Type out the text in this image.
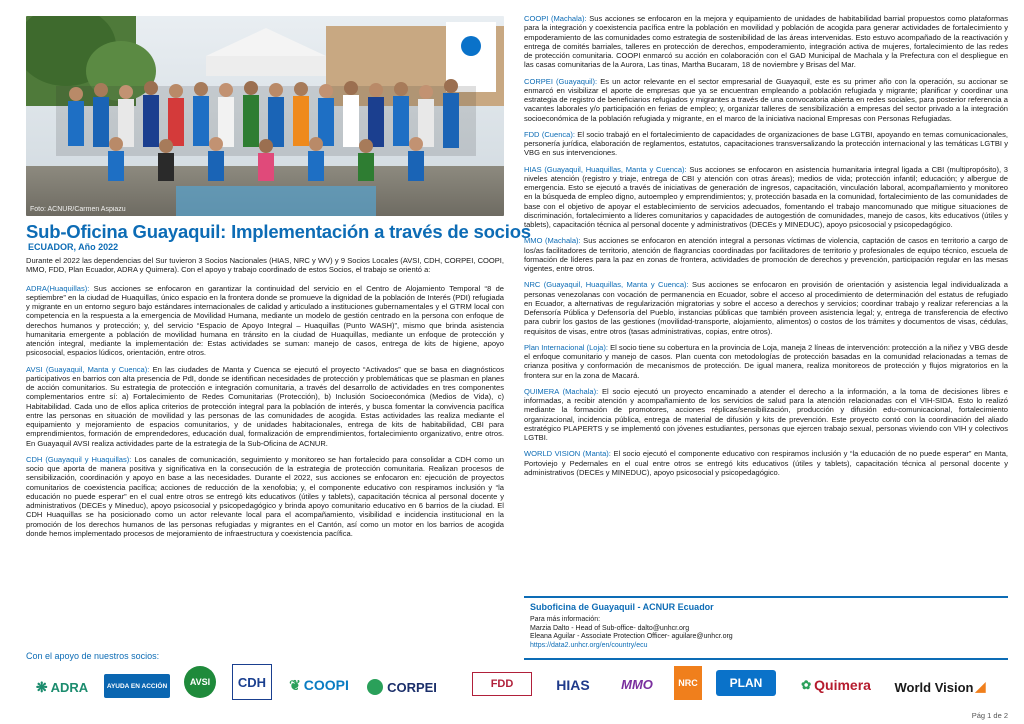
Foto: ACNUR/Carmen Aspiazu
Sub-Oficina Guayaquil: Implementación a través de socios
ECUADOR, Año 2022
Durante el 2022 las dependencias del Sur tuvieron 3 Socios Nacionales (HIAS, NRC y WV) y 9 Socios Locales (AVSI, CDH, CORPEI, COOPI, MMO, FDD, Plan Ecuador, ADRA y Quimera). Con el apoyo y trabajo coordinado de estos Socios, el trabajo se orientó a:
ADRA(Huaquillas): Sus acciones se enfocaron en garantizar la continuidad del servicio en el Centro de Alojamiento Temporal “8 de septiembre” en la ciudad de Huaquillas, único espacio en la frontera donde se promueve la dignidad de la población de Interés (PDI) refugiada y migrante en un entorno seguro bajo estándares internacionales de calidad y articulado a instituciones gubernamentales y el GTRM local con competencia en la respuesta a la emergencia de Movilidad Humana, mediante un modelo de gestión centrado en la persona con enfoque de derechos humanos y protección; y, del servicio “Espacio de Apoyo Integral – Huaquillas (Punto WASH)”, mismo que brinda asistencia humanitaria emergente a población de movilidad humana en tránsito en la ciudad de Huaquillas, mediante un enfoque de protección y atención integral, mediante la implementación de: Estas actividades se suman: manejo de casos, entrega de kits de higiene, apoyo psicosocial, espacios lúdicos, orientación, entre otros.
AVSI (Guayaquil, Manta y Cuenca): En las ciudades de Manta y Cuenca se ejecutó el proyecto “Activados” que se basa en diagnósticos participativos en barrios con alta presencia de PdI, donde se identifican necesidades de protección y problemáticas que se plasman en planes de acción comunitarios. Su estrategia de protección e integración comunitaria, a través del desarrollo de actividades en tres componentes complementarios entre sí: a) Fortalecimiento de Redes Comunitarias (Protección), b) Inclusión Socioeconómica (Medios de Vida), c) Habitabilidad. Cada uno de ellos aplica criterios de protección integral para la población de interés, y busca fomentar la convivencia pacífica entre las personas en situación de movilidad y las personas de las comunidades de acogida. Estas actividades las realiza mediante el equipamiento y mejoramiento de espacios comunitarios, y de unidades habitacionales, entrega de kits de habitabilidad, CBI para emprendimientos, formación de emprendedores, educación dual, formalización de emprendimientos, fortalecimiento organizativo, entre otros. En Guayaquil AVSI realiza actividades parte de la estrategia de la Sub-Oficina de ACNUR.
CDH (Guayaquil y Huaquillas): Los canales de comunicación, seguimiento y monitoreo se han fortalecido para consolidar a CDH como un socio que aporta de manera positiva y significativa en la consecución de la estrategia de protección comunitaria. Realizan procesos de sensibilización, coordinación y apoyo en base a las necesidades. Durante el 2022, sus acciones se enfocaron en: ejecución de proyectos comunitarios de coexistencia pacífica; acciones de reducción de la xenofobia; y, el componente educativo con respiramos inclusión y “la educación no puede esperar” en el cual entre otros se entregó kits educativos (útiles y tablets), capacitación técnica al personal docente y administrativos (DECEs y Mineduc), apoyo psicosocial y psicopedagógico y brinda apoyo comunitario educativo en 6 barrios de la ciudad. El CDH Huaquillas se ha posicionado como un actor relevante local para el acompañamiento, visibilidad e incidencia institucional en la promoción de los derechos humanos de las personas refugiadas y migrantes en el Cantón, así como un motor en los barrios de acogida donde hemos implementado procesos de mejoramiento de infraestructura y coexistencia pacífica.
COOPI (Machala): Sus acciones se enfocaron en la mejora y equipamiento de unidades de habitabilidad barrial propuestos como plataformas para la integración y coexistencia pacífica entre la población en movilidad y población de acogida para generar actividades de fortalecimiento y empoderamiento de las comunidades como estrategia de sostenibilidad de las áreas intervenidas. Esto estuvo acompañado de la reactivación y entrega de comités barriales, talleres en protección de derechos, empoderamiento, integración activa de mujeres, fortalecimiento de las redes de protección comunitaria. COOPI enmarcó su acción en colaboración con el GAD Municipal de Machala y la Prefectura con el despliegue en las casas comunitarias de la Aurora, Las tinas, Martha Bucaram, 18 de noviembre y Brisas del Mar.
CORPEI (Guayaquil): Es un actor relevante en el sector empresarial de Guayaquil, este es su primer año con la operación, su accionar se enmarcó en visibilizar el aporte de empresas que ya se encuentran empleando a población refugiada y migrante; planificar y coordinar una estrategia de registro de beneficiarios refugiados y migrantes a través de una convocatoria abierta en redes sociales, para posterior referencia a vacantes laborales y/o participación en ferias de empleo; y, organizar talleres de sensibilización a empresas del sector privado a la integración socioeconómica de la población refugiada y migrante, en el marco de la iniciativa nacional Empresas con Personas Refugiadas.
FDD (Cuenca): El socio trabajó en el fortalecimiento de capacidades de organizaciones de base LGTBI, apoyando en temas comunicacionales, personería jurídica, elaboración de reglamentos, estatutos, capacitaciones transversalizando la protección internacional y las temáticas LGTBI y VBG en sus intervenciones.
HIAS (Guayaquil, Huaquillas, Manta y Cuenca): Sus acciones se enfocaron en asistencia humanitaria integral ligada a CBI (multipropósito), 3 niveles atención (registro y triaje, entrega de CBI y atención con otras áreas); medios de vida; protección infantil; educación; y albergue de emergencia. Esto se ejecutó a través de iniciativas de generación de ingresos, capacitación, vinculación laboral, acompañamiento y monitoreo en la búsqueda de empleo digno, autoempleo y emprendimientos; y, protección basada en la comunidad, fortalecimiento de las comunidades de base con el objetivo de apoyar el establecimiento de servicios adecuados, fomentando el trabajo mancomunado que mitigue situaciones de discriminación, fortalecimiento a líderes comunitarios y capacidades de autogestión de comunidades, manejo de casos, kits educativos (útiles y tablets), capacitación técnica al personal docente y administrativos (DECEs y MINEDUC), apoyo psicosocial y psicopedagógico.
MMO (Machala): Sus acciones se enfocaron en atención integral a personas víctimas de violencia, captación de casos en territorio a cargo de los/as facilitadores de territorio, atención de flagrancias coordinadas por facilitadores de territorio y profesionales de equipo técnico, escuela de formación de líderes para la paz en zonas de frontera, actividades de promoción de derechos y prevención, participación regular en las mesas vigentes, entre otros.
NRC (Guayaquil, Huaquillas, Manta y Cuenca): Sus acciones se enfocaron en provisión de orientación y asistencia legal individualizada a personas venezolanas con vocación de permanencia en Ecuador, sobre el acceso al procedimiento de determinación del estatus de refugiado en Ecuador, a alternativas de regularización migratorias y sobre el acceso a derechos y servicios; coordinar trabajo y realizar referencias a la Defensoría Pública y Defensoría del Pueblo, instancias públicas que también proveen asistencia legal; y, entrega de transferencia de efectivo para cubrir los gastos de las gestiones (movilidad-transporte, alojamiento, alimentos) o costos de los trámites y documentos de visas, cédulas, requisitos de visas, entre otros (tasas administrativas, copias, entre otros).
Plan Internacional (Loja): El socio tiene su cobertura en la provincia de Loja, maneja 2 líneas de intervención: protección a la niñez y VBG desde el enfoque comunitario y manejo de casos. Plan cuenta con metodologías de protección basadas en la comunidad relacionadas a temas de crianza positiva y conformación de mecanismos de protección. De igual manera, realiza monitoreos de protección y flujos migratorios en la frontera sur en la zona de Macará.
QUIMERA (Machala): El socio ejecutó un proyecto encaminado a atender el derecho a la información, a la toma de decisiones libres e informadas, a recibir atención y acompañamiento de los servicios de salud para la atención relacionadas con el VIH-SIDA. Esto lo realizó mediante la formación de promotores, acciones réplicas/sensibilización, producción y difusión edu-comunicacional, fortalecimiento organizacional, incidencia pública, entrega de material de difusión y kits de prevención. Este proyecto contó con la coordinación del aliado estratégico PLAPERTS y se implementó con jóvenes estudiantes, personas que ejercen trabajo sexual, personas viviendo con VIH y colectivos LGTBI.
WORLD VISION (Manta): El socio ejecutó el componente educativo con respiramos inclusión y “la educación de no puede esperar” en Manta, Portoviejo y Pedernales en el cual entre otros se entregó kits educativos (útiles y tablets), capacitación técnica al personal docente y administrativos (DECEs y MINEDUC), apoyo psicosocial y psicopedagógico.
Suboficina de Guayaquil - ACNUR Ecuador
Para más información:
Marzia Dalto - Head of Sub-office- dalto@unhcr.org
Eleana Aguilar - Associate Protection Officer- aguilare@unhcr.org
https://data2.unhcr.org/en/country/ecu
Con el apoyo de nuestros socios:
❋ ADRA	AYUDA EN ACCIÓN	AVSI CDH ❦ COOPI	CORPEI	FDD	HIAS MMO	NRC	PLAN	✿ Quimera World Vision ◢
Pág 1 de 2
